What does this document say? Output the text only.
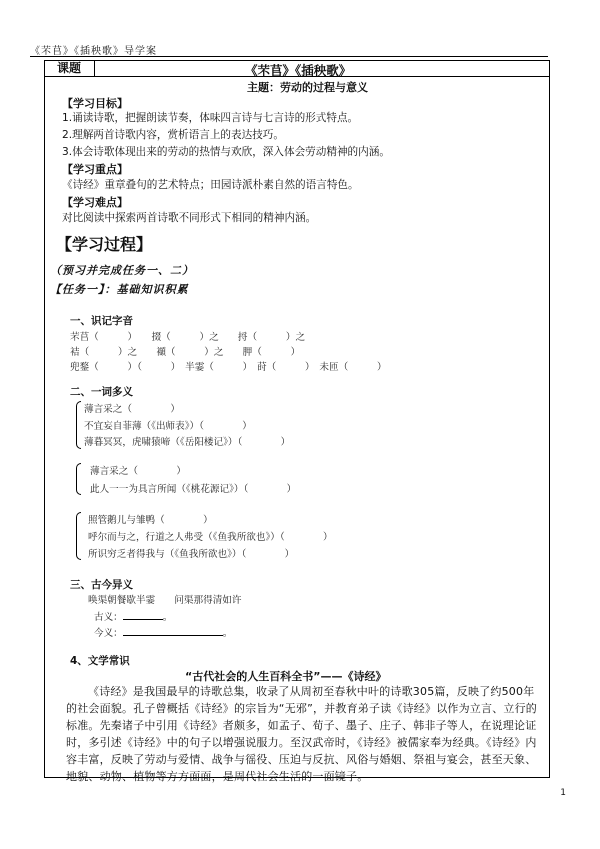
《芣苢》《插秧歌》导学案
课题	《芣苢》《插秧歌》
主题：劳动的过程与意义
【学习目标】
1.诵读诗歌，把握朗读节奏，体味四言诗与七言诗的形式特点。
2.理解两首诗歌内容，赏析语言上的表达技巧。
3.体会诗歌体现出来的劳动的热情与欢欣，深入体会劳动精神的内涵。
【学习重点】
《诗经》重章叠句的艺术特点；田园诗派朴素自然的语言特色。
【学习难点】
对比阅读中探索两首诗歌不同形式下相同的精神内涵。
【学习过程】
（预习并完成任务一、二）
【任务一】：基础知识积累
一、识记字音
芣苢（　　　）　　掇（　　　）之　　捋（　　　）之
袺（　　　）之　　襭（　　　）之　　胛（　　　）
兜鍪（　　　）（　　　）　半霎（　　　）　莳（　　　）　未匝（　　　）
二、一词多义
薄言采之（　　　　）
不宜妄自菲薄（《出师表》）（　　　　）
薄暮冥冥，虎啸猿啼（《岳阳楼记》）（　　　　）
薄言采之（　　　　）
此人一一为具言所闻（《桃花源记》）（　　　　）
照管鹅儿与雏鸭（　　　　）
呼尔而与之，行道之人弗受（《鱼我所欲也》）（　　　　）
所识穷乏者得我与（《鱼我所欲也》）（　　　　）
三、古今异义
唤渠朝餐歇半霎　　问渠那得清如许
古义：	。
今义：	。
4、文学常识
“古代社会的人生百科全书”——《诗经》
《诗经》是我国最早的诗歌总集，收录了从周初至春秋中叶的诗歌305篇，反映了约500年的社会面貌。孔子曾概括《诗经》的宗旨为“无邪”，并教育弟子读《诗经》以作为立言、立行的标准。先秦诸子中引用《诗经》者颇多，如孟子、荀子、墨子、庄子、韩非子等人，在说理论证时，多引述《诗经》中的句子以增强说服力。至汉武帝时，《诗经》被儒家奉为经典。《诗经》内容丰富，反映了劳动与爱情、战争与徭役、压迫与反抗、风俗与婚姻、祭祖与宴会，甚至天象、地貌、动物、植物等方方面面，是周代社会生活的一面镜子。
1
